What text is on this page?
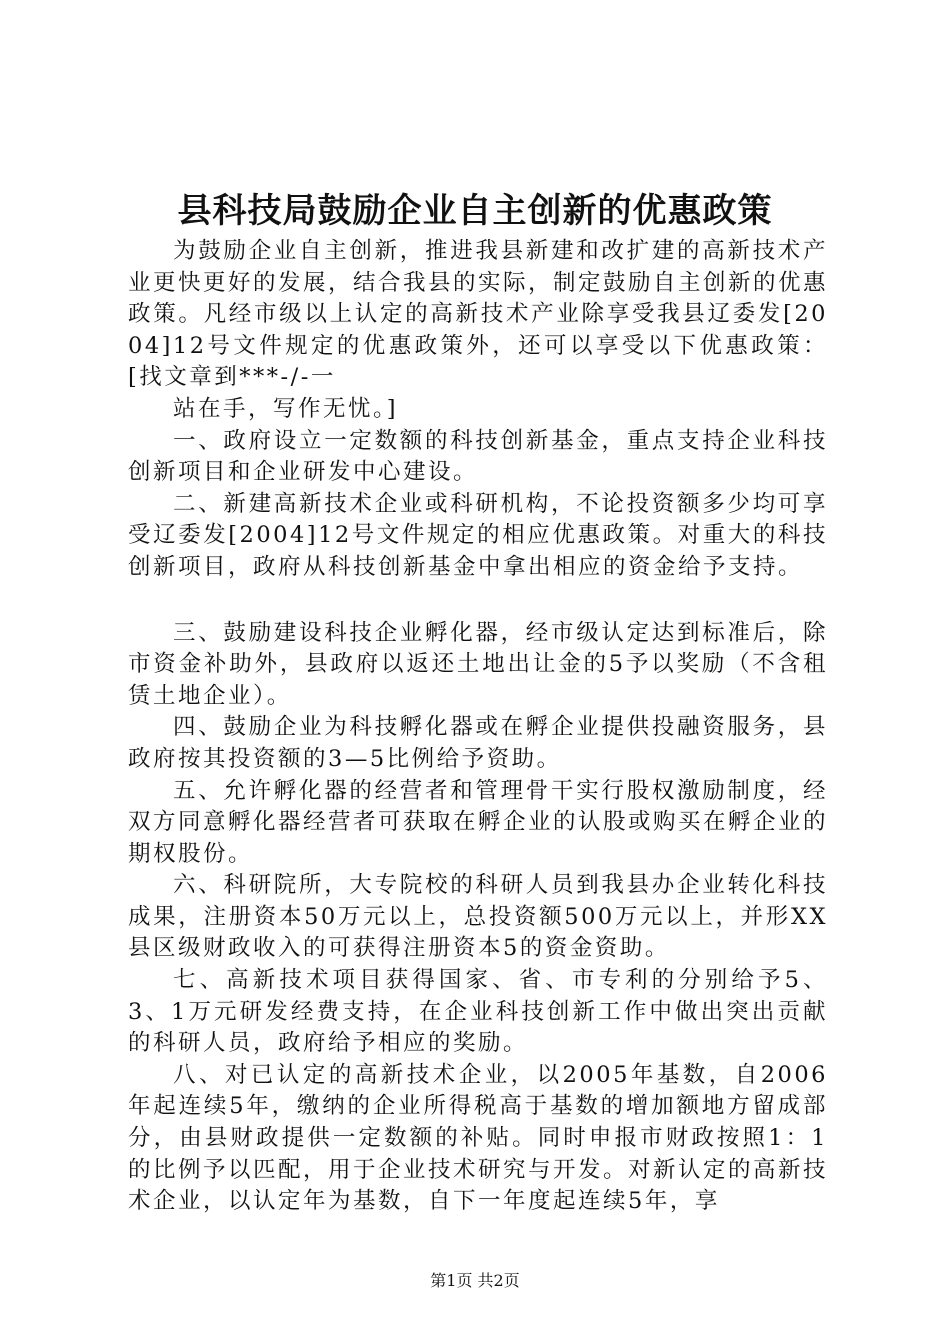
县科技局鼓励企业自主创新的优惠政策

为鼓励企业自主创新，推进我县新建和改扩建的高新技术产业更快更好的发展，结合我县的实际，制定鼓励自主创新的优惠政策。凡经市级以上认定的高新技术产业除享受我县辽委发[2004]12号文件规定的优惠政策外，还可以享受以下优惠政策：[找文章到***-/-一

站在手，写作无忧。]

一、政府设立一定数额的科技创新基金，重点支持企业科技创新项目和企业研发中心建设。

二、新建高新技术企业或科研机构，不论投资额多少均可享受辽委发[2004]12号文件规定的相应优惠政策。对重大的科技创新项目，政府从科技创新基金中拿出相应的资金给予支持。

三、鼓励建设科技企业孵化器，经市级认定达到标准后，除市资金补助外，县政府以返还土地出让金的5予以奖励（不含租赁土地企业）。

四、鼓励企业为科技孵化器或在孵企业提供投融资服务，县政府按其投资额的3—5比例给予资助。

五、允许孵化器的经营者和管理骨干实行股权激励制度，经双方同意孵化器经营者可获取在孵企业的认股或购买在孵企业的期权股份。

六、科研院所，大专院校的科研人员到我县办企业转化科技成果，注册资本50万元以上，总投资额500万元以上，并形XX县区级财政收入的可获得注册资本5的资金资助。

七、高新技术项目获得国家、省、市专利的分别给予5、3、1万元研发经费支持，在企业科技创新工作中做出突出贡献的科研人员，政府给予相应的奖励。

八、对已认定的高新技术企业，以2005年基数，自2006年起连续5年，缴纳的企业所得税高于基数的增加额地方留成部分，由县财政提供一定数额的补贴。同时申报市财政按照1：1的比例予以匹配，用于企业技术研究与开发。对新认定的高新技术企业，以认定年为基数，自下一年度起连续5年，享

第1页 共2页
